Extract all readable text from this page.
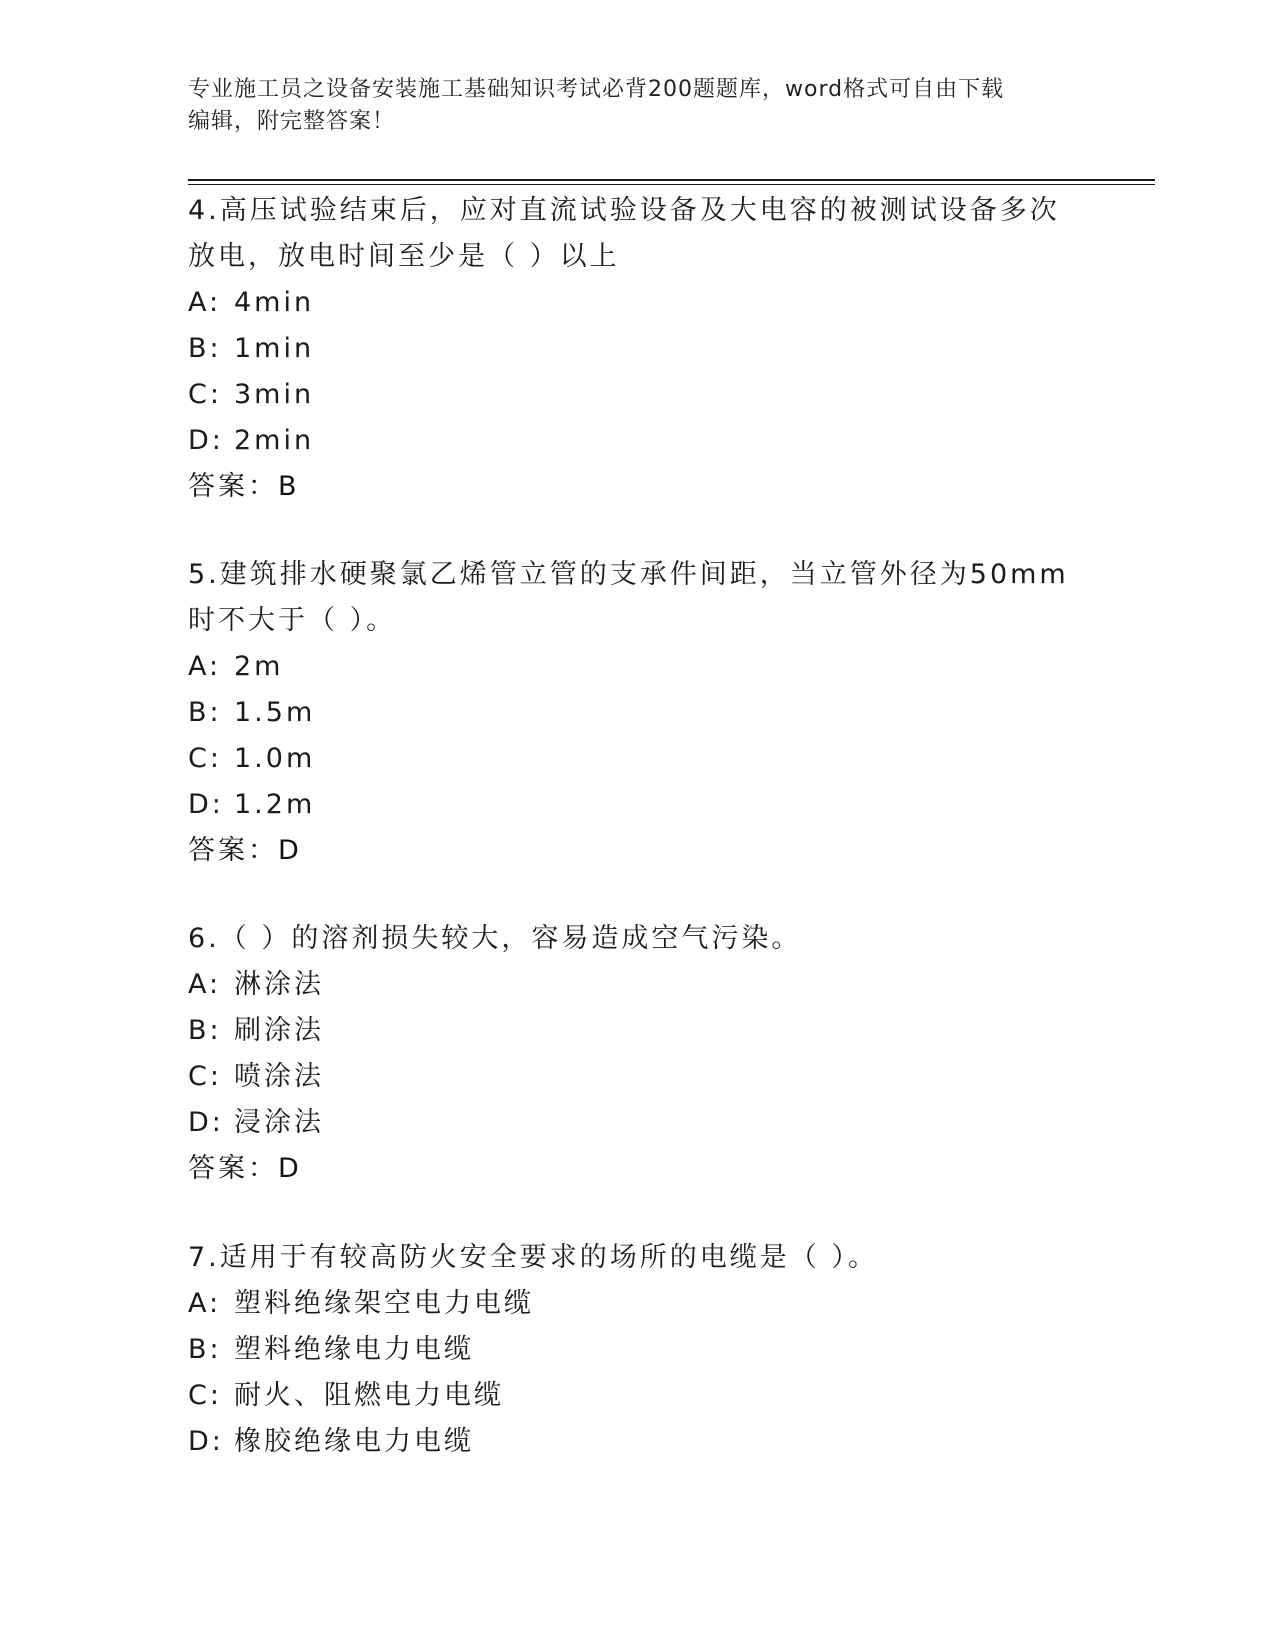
专业施工员之设备安装施工基础知识考试必背200题题库，word格式可自由下载
编辑，附完整答案！

4.高压试验结束后，应对直流试验设备及大电容的被测试设备多次放电，放电时间至少是（ ）以上

A: 4min
B: 1min
C: 3min
D: 2min
答案：B

5.建筑排水硬聚氯乙烯管立管的支承件间距，当立管外径为50mm时不大于（ ）。

A: 2m
B: 1.5m
C: 1.0m
D: 1.2m
答案：D

6.（ ）的溶剂损失较大，容易造成空气污染。

A: 淋涂法
B: 刷涂法
C: 喷涂法
D: 浸涂法
答案：D

7.适用于有较高防火安全要求的场所的电缆是（ ）。

A: 塑料绝缘架空电力电缆
B: 塑料绝缘电力电缆
C: 耐火、阻燃电力电缆
D: 橡胶绝缘电力电缆
